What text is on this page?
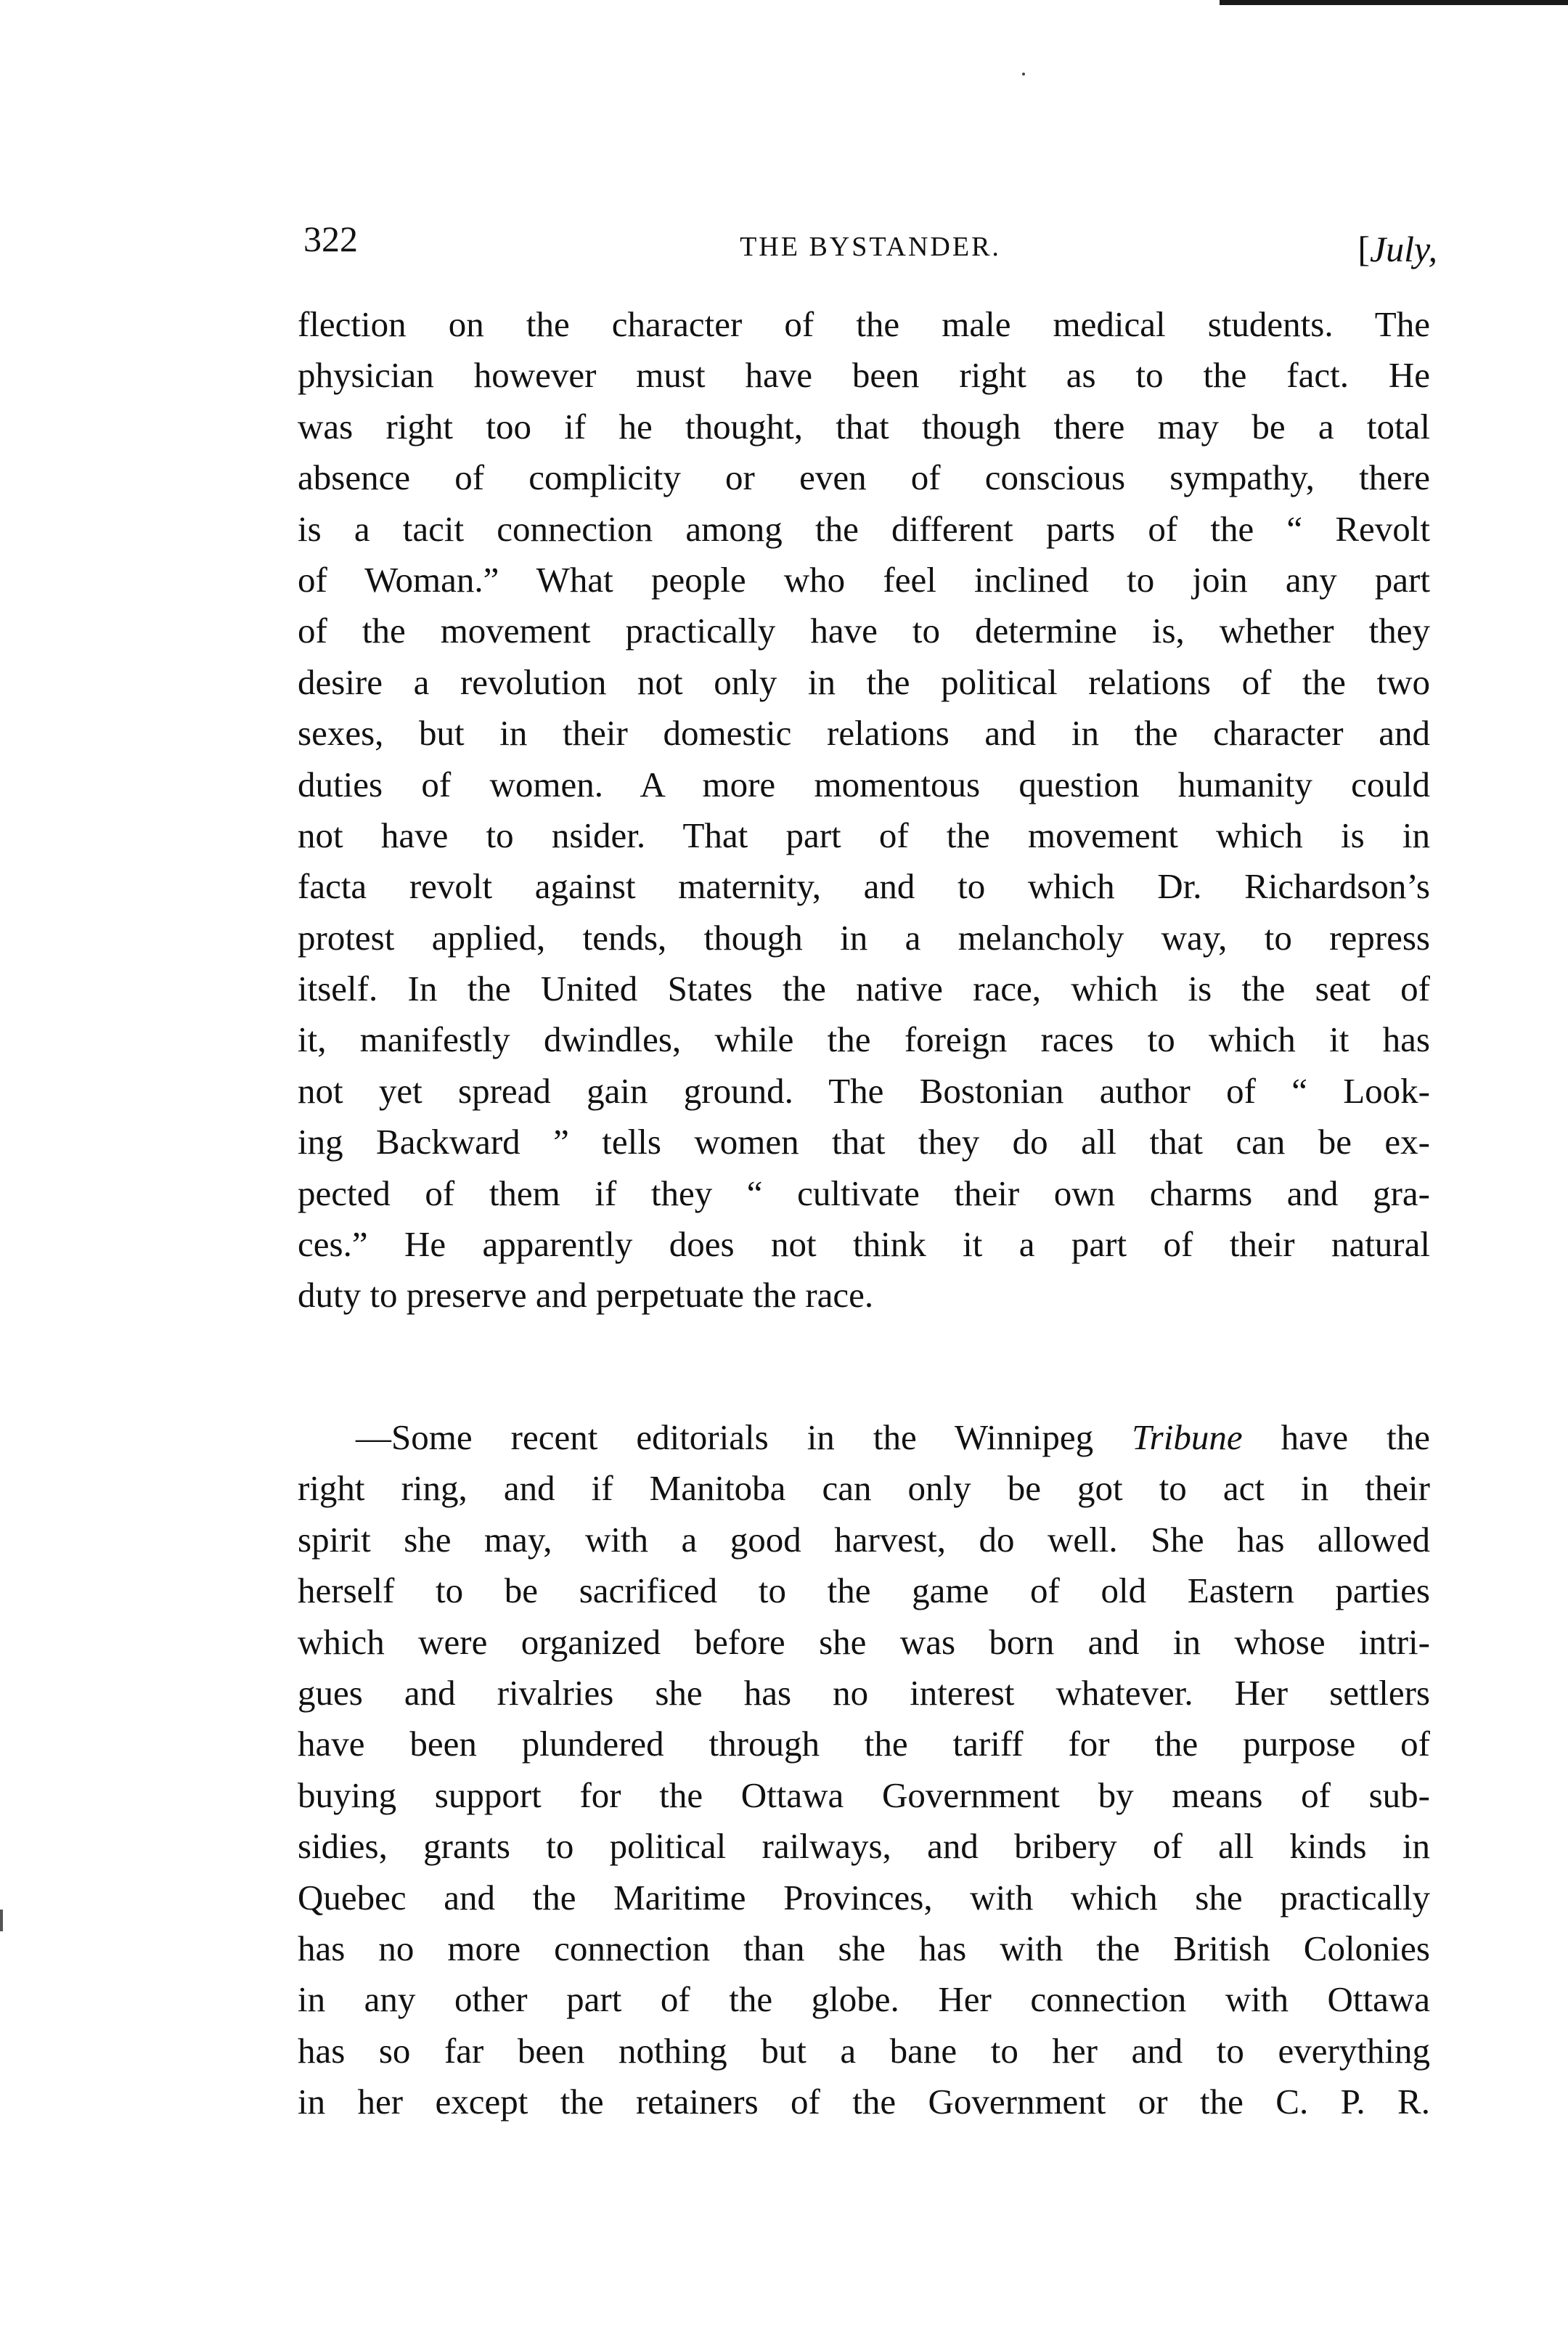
322	THE BYSTANDER.	[July,
flection on the character of the male medical students. The
physician however must have been right as to the fact. He
was right too if he thought, that though there may be a total
absence of complicity or even of conscious sympathy, there
is a tacit connection among the different parts of the “ Revolt
of Woman.” What people who feel inclined to join any part
of the movement practically have to determine is, whether they
desire a revolution not only in the political relations of the two
sexes, but in their domestic relations and in the character and
duties of women. A more momentous question humanity could
not have to nsider. That part of the movement which is in
facta revolt against maternity, and to which Dr. Richardson’s
protest applied, tends, though in a melancholy way, to repress
itself. In the United States the native race, which is the seat of
it, manifestly dwindles, while the foreign races to which it has
not yet spread gain ground. The Bostonian author of “ Look-
ing Backward ” tells women that they do all that can be ex-
pected of them if they “ cultivate their own charms and gra-
ces.” He apparently does not think it a part of their natural
duty to preserve and perpetuate the race.
—Some recent editorials in the Winnipeg Tribune have the
right ring, and if Manitoba can only be got to act in their
spirit she may, with a good harvest, do well. She has allowed
herself to be sacrificed to the game of old Eastern parties
which were organized before she was born and in whose intri-
gues and rivalries she has no interest whatever. Her settlers
have been plundered through the tariff for the purpose of
buying support for the Ottawa Government by means of sub-
sidies, grants to political railways, and bribery of all kinds in
Quebec and the Maritime Provinces, with which she practically
has no more connection than she has with the British Colonies
in any other part of the globe. Her connection with Ottawa
has so far been nothing but a bane to her and to everything
in her except the retainers of the Government or the C. P. R.
